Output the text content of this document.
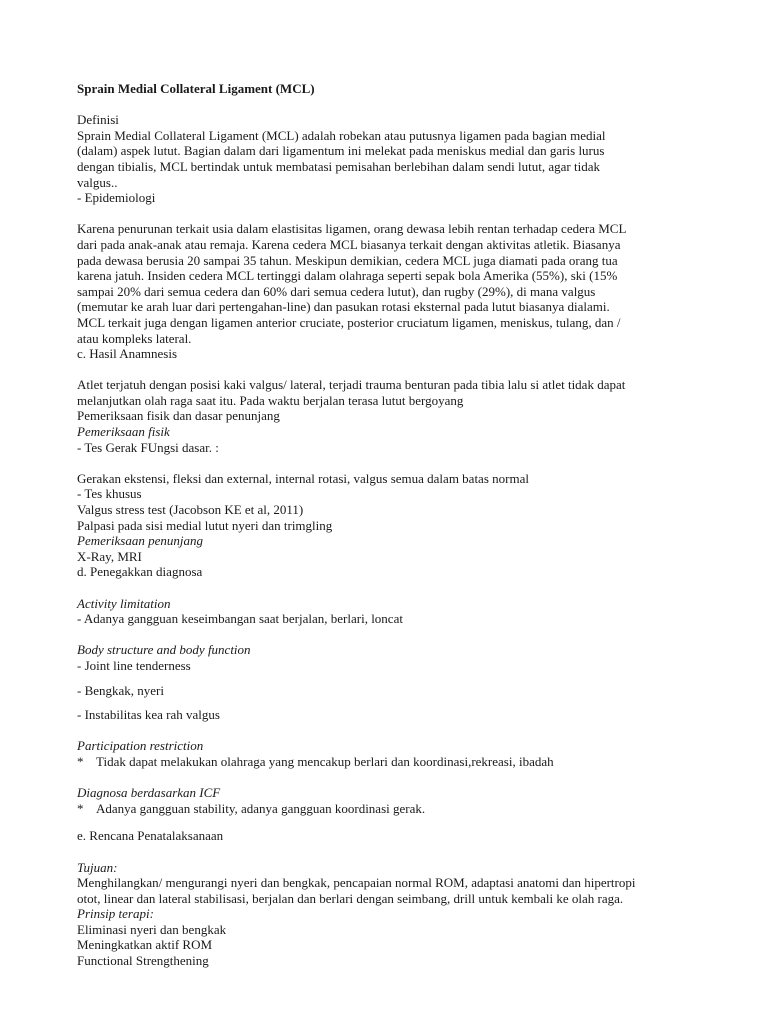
Sprain Medial Collateral Ligament (MCL)

Definisi

Sprain Medial Collateral Ligament (MCL) adalah robekan atau putusnya ligamen pada bagian medial

(dalam) aspek lutut. Bagian dalam dari ligamentum ini melekat pada meniskus medial dan garis lurus

dengan tibialis, MCL bertindak untuk membatasi pemisahan berlebihan dalam sendi lutut, agar tidak

valgus..

- Epidemiologi

Karena penurunan terkait usia dalam elastisitas ligamen, orang dewasa lebih rentan terhadap cedera MCL

dari pada anak-anak atau remaja. Karena cedera MCL biasanya terkait dengan aktivitas atletik. Biasanya

pada dewasa berusia 20 sampai 35 tahun. Meskipun demikian, cedera MCL juga diamati pada orang tua

karena jatuh. Insiden cedera MCL tertinggi dalam olahraga seperti sepak bola Amerika (55%), ski (15%

sampai 20% dari semua cedera dan 60% dari semua cedera lutut), dan rugby (29%), di mana valgus

(memutar ke arah luar dari pertengahan-line) dan pasukan rotasi eksternal pada lutut biasanya dialami.

MCL terkait juga dengan ligamen anterior cruciate, posterior cruciatum ligamen, meniskus, tulang, dan /

atau kompleks lateral.

c. Hasil Anamnesis

Atlet terjatuh dengan posisi kaki valgus/ lateral, terjadi trauma benturan pada tibia lalu si atlet tidak dapat

melanjutkan olah raga saat itu. Pada waktu berjalan terasa lutut bergoyang

Pemeriksaan fisik dan dasar penunjang

Pemeriksaan fisik

- Tes Gerak FUngsi dasar. :

Gerakan ekstensi, fleksi dan external, internal rotasi, valgus semua dalam batas normal

- Tes khusus

Valgus stress test (Jacobson KE et al, 2011)

Palpasi pada sisi medial lutut nyeri dan trimgling

Pemeriksaan penunjang

X-Ray, MRI

d. Penegakkan diagnosa

Activity limitation

- Adanya gangguan keseimbangan saat berjalan, berlari, loncat

Body structure and body function

- Joint line tenderness

- Bengkak, nyeri

- Instabilitas kea rah valgus

Participation restriction

* Tidak dapat melakukan olahraga yang mencakup berlari dan koordinasi,rekreasi, ibadah

Diagnosa berdasarkan ICF

* Adanya gangguan stability, adanya gangguan koordinasi gerak.

e. Rencana Penatalaksanaan

Tujuan:

Menghilangkan/ mengurangi nyeri dan bengkak, pencapaian normal ROM, adaptasi anatomi dan hipertropi

otot, linear dan lateral stabilisasi, berjalan dan berlari dengan seimbang, drill untuk kembali ke olah raga.

Prinsip terapi:

Eliminasi nyeri dan bengkak

Meningkatkan aktif ROM

Functional Strengthening
